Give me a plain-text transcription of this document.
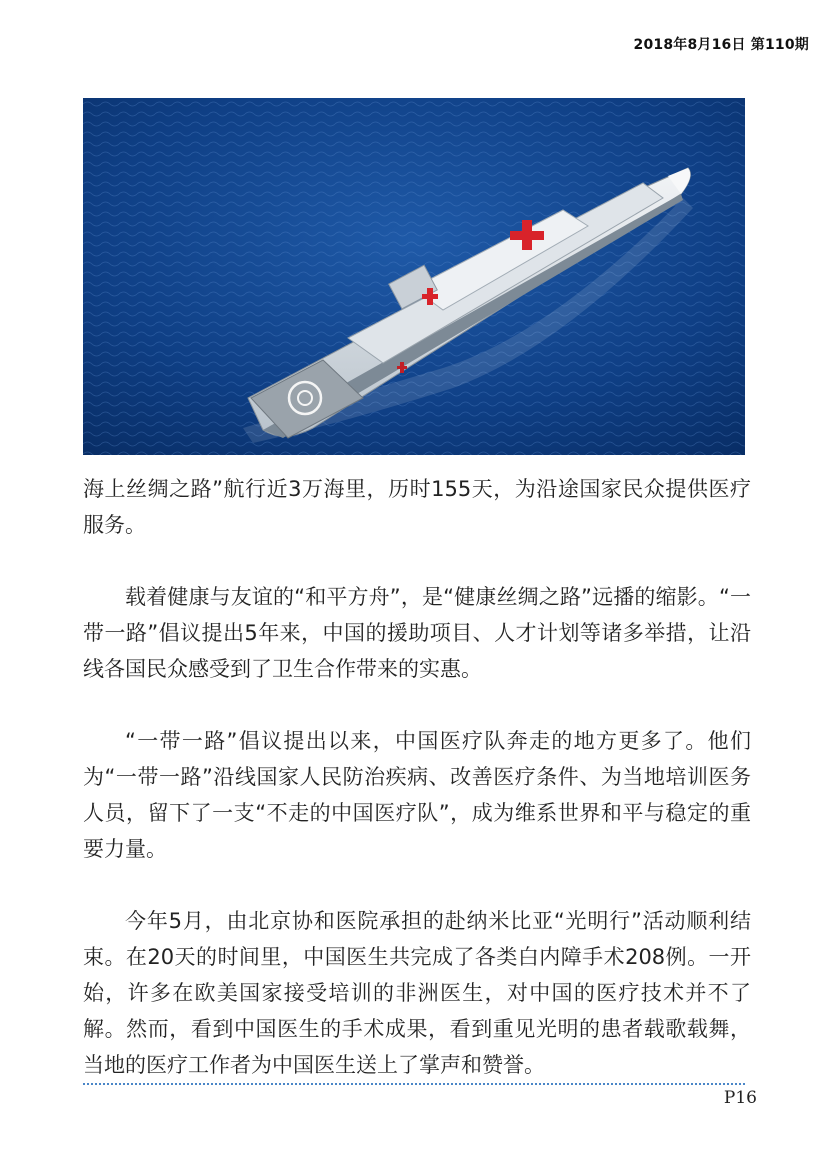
2018年8月16日 第110期

海上丝绸之路”航行近3万海里，历时155天，为沿途国家民众提供医疗服务。

载着健康与友谊的“和平方舟”，是“健康丝绸之路”远播的缩影。“一带一路”倡议提出5年来，中国的援助项目、人才计划等诸多举措，让沿线各国民众感受到了卫生合作带来的实惠。

“一带一路”倡议提出以来，中国医疗队奔走的地方更多了。他们为“一带一路”沿线国家人民防治疾病、改善医疗条件、为当地培训医务人员，留下了一支“不走的中国医疗队”，成为维系世界和平与稳定的重要力量。

今年5月，由北京协和医院承担的赴纳米比亚“光明行”活动顺利结束。在20天的时间里，中国医生共完成了各类白内障手术208例。一开始，许多在欧美国家接受培训的非洲医生，对中国的医疗技术并不了解。然而，看到中国医生的手术成果，看到重见光明的患者载歌载舞，当地的医疗工作者为中国医生送上了掌声和赞誉。

P16
